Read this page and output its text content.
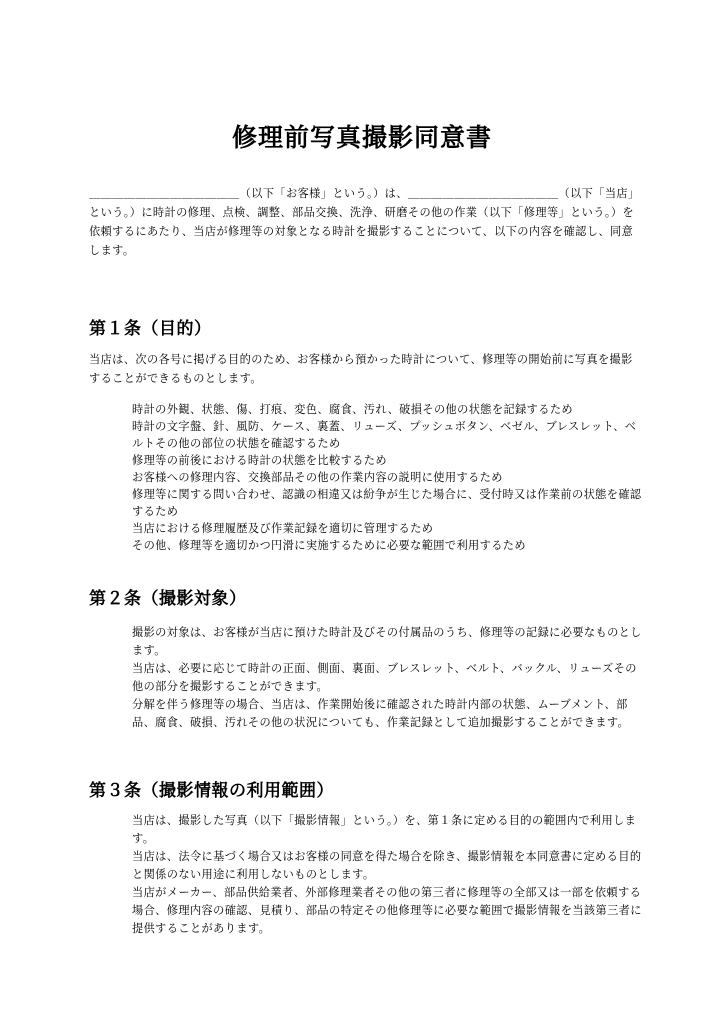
修理前写真撮影同意書

＿＿＿＿＿＿＿＿＿＿＿＿＿（以下「お客様」という。）は、＿＿＿＿＿＿＿＿＿＿＿＿＿（以下「当店」という。）に時計の修理、点検、調整、部品交換、洗浄、研磨その他の作業（以下「修理等」という。）を依頼するにあたり、当店が修理等の対象となる時計を撮影することについて、以下の内容を確認し、同意します。

第１条（目的）

当店は、次の各号に掲げる目的のため、お客様から預かった時計について、修理等の開始前に写真を撮影することができるものとします。

時計の外観、状態、傷、打痕、変色、腐食、汚れ、破損その他の状態を記録するため
時計の文字盤、針、風防、ケース、裏蓋、リューズ、プッシュボタン、ベゼル、ブレスレット、ベルトその他の部位の状態を確認するため
修理等の前後における時計の状態を比較するため
お客様への修理内容、交換部品その他の作業内容の説明に使用するため
修理等に関する問い合わせ、認識の相違又は紛争が生じた場合に、受付時又は作業前の状態を確認するため
当店における修理履歴及び作業記録を適切に管理するため
その他、修理等を適切かつ円滑に実施するために必要な範囲で利用するため
第２条（撮影対象）
撮影の対象は、お客様が当店に預けた時計及びその付属品のうち、修理等の記録に必要なものとします。
当店は、必要に応じて時計の正面、側面、裏面、ブレスレット、ベルト、バックル、リューズその他の部分を撮影することができます。
分解を伴う修理等の場合、当店は、作業開始後に確認された時計内部の状態、ムーブメント、部品、腐食、破損、汚れその他の状況についても、作業記録として追加撮影することができます。
第３条（撮影情報の利用範囲）
当店は、撮影した写真（以下「撮影情報」という。）を、第１条に定める目的の範囲内で利用します。
当店は、法令に基づく場合又はお客様の同意を得た場合を除き、撮影情報を本同意書に定める目的と関係のない用途に利用しないものとします。
当店がメーカー、部品供給業者、外部修理業者その他の第三者に修理等の全部又は一部を依頼する場合、修理内容の確認、見積り、部品の特定その他修理等に必要な範囲で撮影情報を当該第三者に提供することがあります。
